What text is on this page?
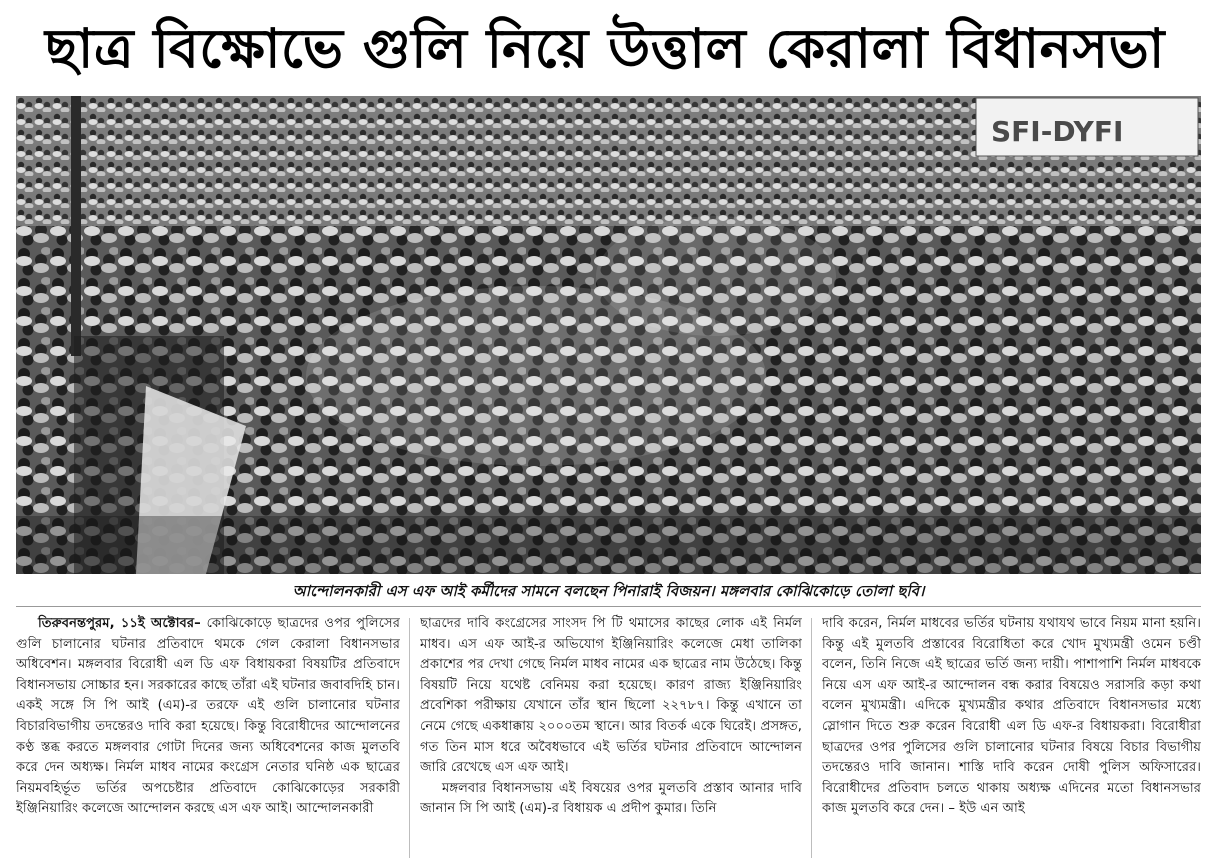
ছাত্র বিক্ষোভে গুলি নিয়ে উত্তাল কেরালা বিধানসভা
SFI-DYFI
আন্দোলনকারী এস এফ আই কর্মীদের সামনে বলছেন পিনারাই বিজয়ন। মঙ্গলবার কোঝিকোড়ে তোলা ছবি।

তিরুবনন্তপুরম, ১১ই অক্টোবর– কোঝিকোড়ে ছাত্রদের ওপর পুলিসের গুলি চালানোর ঘটনার প্রতিবাদে থমকে গেল কেরালা বিধানসভার অধিবেশন। মঙ্গলবার বিরোধী এল ডি এফ বিধায়করা বিষয়টির প্রতিবাদে বিধানসভায় সোচ্চার হন। সরকারের কাছে তাঁরা এই ঘটনার জবাবদিহি চান। একই সঙ্গে সি পি আই (এম)-র তরফে এই গুলি চালানোর ঘটনার বিচারবিভাগীয় তদন্তেরও দাবি করা হয়েছে। কিন্তু বিরোধীদের আন্দোলনের কণ্ঠ স্তব্ধ করতে মঙ্গলবার গোটা দিনের জন্য অধিবেশনের কাজ মুলতবি করে দেন অধ্যক্ষ। নির্মল মাধব নামের কংগ্রেস নেতার ঘনিষ্ঠ এক ছাত্রের নিয়মবহির্ভূত ভর্তির অপচেষ্টার প্রতিবাদে কোঝিকোড়ের সরকারী ইঞ্জিনিয়ারিং কলেজে আন্দোলন করছে এস এফ আই। আন্দোলনকারী

ছাত্রদের দাবি কংগ্রেসের সাংসদ পি টি থমাসের কাছের লোক এই নির্মল মাধব। এস এফ আই-র অভিযোগ ইঞ্জিনিয়ারিং কলেজে মেধা তালিকা প্রকাশের পর দেখা গেছে নির্মল মাধব নামের এক ছাত্রের নাম উঠেছে। কিন্তু বিষয়টি নিয়ে যথেষ্ট বেনিময় করা হয়েছে। কারণ রাজ্য ইঞ্জিনিয়ারিং প্রবেশিকা পরীক্ষায় যেখানে তাঁর স্থান ছিলো ২২৭৮৭। কিন্তু এখানে তা নেমে গেছে একধাক্কায় ২০০০তম স্থানে। আর বিতর্ক একে ঘিরেই। প্রসঙ্গত, গত তিন মাস ধরে অবৈধভাবে এই ভর্তির ঘটনার প্রতিবাদে আন্দোলন জারি রেখেছে এস এফ আই।

মঙ্গলবার বিধানসভায় এই বিষয়ের ওপর মুলতবি প্রস্তাব আনার দাবি জানান সি পি আই (এম)-র বিধায়ক এ প্রদীপ কুমার। তিনি

দাবি করেন, নির্মল মাধবের ভর্তির ঘটনায় যথাযথ ভাবে নিয়ম মানা হয়নি। কিন্তু এই মুলতবি প্রস্তাবের বিরোধিতা করে খোদ মুখ্যমন্ত্রী ওমেন চণ্ডী বলেন, তিনি নিজে এই ছাত্রের ভর্তি জন্য দায়ী। পাশাপাশি নির্মল মাধবকে নিয়ে এস এফ আই-র আন্দোলন বন্ধ করার বিষয়েও সরাসরি কড়া কথা বলেন মুখ্যমন্ত্রী। এদিকে মুখ্যমন্ত্রীর কথার প্রতিবাদে বিধানসভার মধ্যে স্লোগান দিতে শুরু করেন বিরোধী এল ডি এফ-র বিধায়করা। বিরোধীরা ছাত্রদের ওপর পুলিসের গুলি চালানোর ঘটনার বিষয়ে বিচার বিভাগীয় তদন্তেরও দাবি জানান। শাস্তি দাবি করেন দোষী পুলিস অফিসারের। বিরোধীদের প্রতিবাদ চলতে থাকায় অধ্যক্ষ এদিনের মতো বিধানসভার কাজ মুলতবি করে দেন। – ইউ এন আই
